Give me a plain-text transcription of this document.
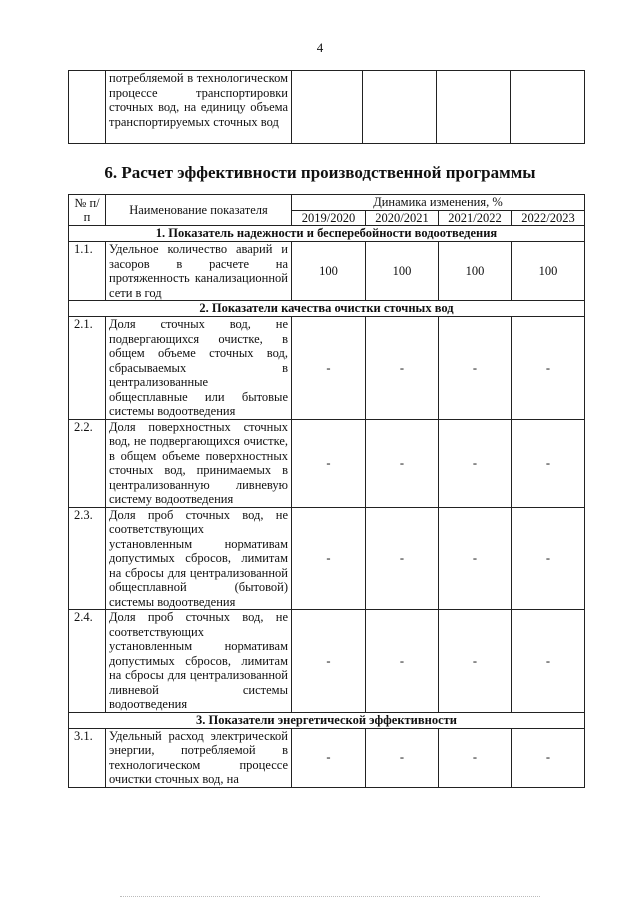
4
	потребляемой в технологическом процессе транспортировки сточных вод, на единицу объема транспортируемых сточных вод				
6. Расчет эффективности производственной программы
№ п/п	Наименование показателя	Динамика изменения, %			
		2019/2020	2020/2021	2021/2022	2022/2023
1. Показатель надежности и бесперебойности водоотведения					
1.1.	Удельное количество аварий и засоров в расчете на протяженность канализационной сети в год	100	100	100	100
2. Показатели качества очистки сточных вод					
2.1.	Доля сточных вод, не подвергающихся очистке, в общем объеме сточных вод, сбрасываемых в централизованные общесплавные или бытовые системы водоотведения	-	-	-	-
2.2.	Доля поверхностных сточных вод, не подвергающихся очистке, в общем объеме поверхностных сточных вод, принимаемых в централизованную ливневую систему водоотведения	-	-	-	-
2.3.	Доля проб сточных вод, не соответствующих установленным нормативам допустимых сбросов, лимитам на сбросы для централизованной общесплавной (бытовой) системы водоотведения	-	-	-	-
2.4.	Доля проб сточных вод, не соответствующих установленным нормативам допустимых сбросов, лимитам на сбросы для централизованной ливневой системы водоотведения	-	-	-	-
3. Показатели энергетической эффективности					
3.1.	Удельный расход электрической энергии, потребляемой в технологическом процессе очистки сточных вод, на	-	-	-	-
